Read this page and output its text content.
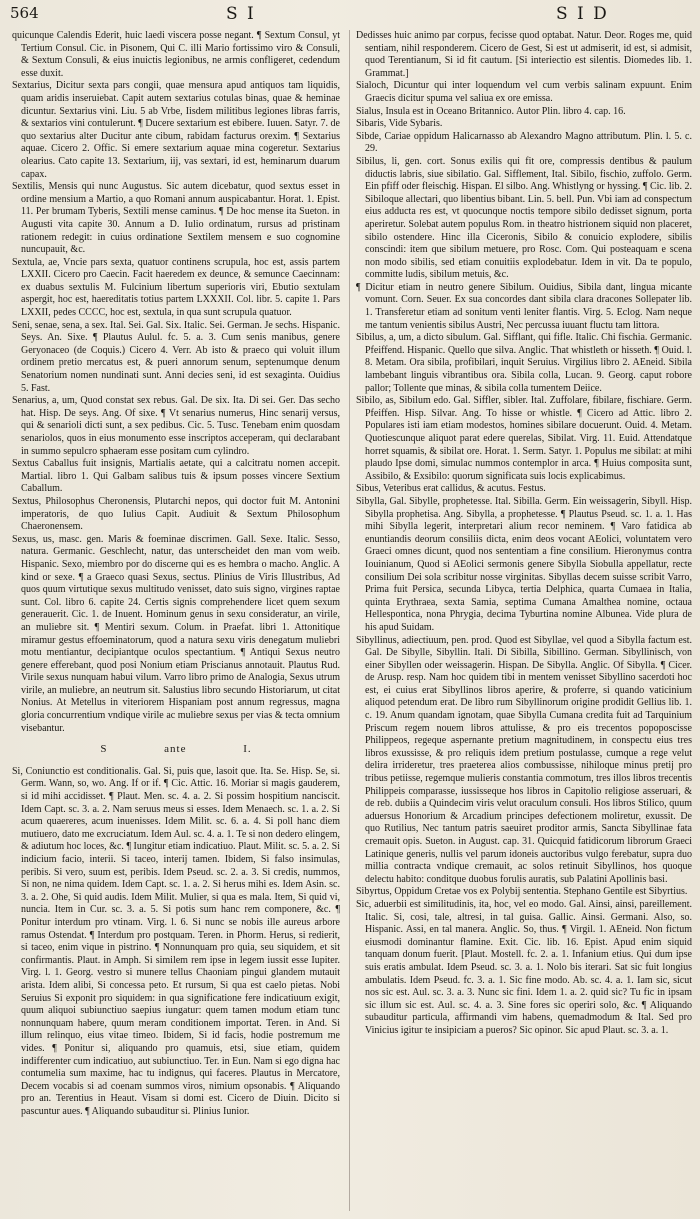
564	S I	S I D

quicunque Calendis Ederit, huic laedi viscera posse negant. ¶ Sextum Consul, yt Tertium Consul. Cic. in Pisonem, Qui C. illi Mario fortissimo viro & Consuli, & Sextum Consuli, & eius inuictis legionibus, ne armis confligeret, cedendum esse duxit.

Sextarius, Dicitur sexta pars congii, quae mensura apud antiquos tam liquidis, quam aridis inseruiebat. Capit autem sextarius cotulas binas, quae & heminae dicuntur. Sextarius vini. Liu. 5 ab Vrbe, Iisdem militibus legiones libras farris, & sextarios vini contulerunt. ¶ Ducere sextarium est ebibere. Iuuen. Satyr. 7. de quo sextarius alter Ducitur ante cibum, rabidam facturus orexim. ¶ Sextarius aquae. Cicero 2. Offic. Si emere sextarium aquae mina cogeretur. Sextarius olearius. Cato capite 13. Sextarium, iij, vas sextari, id est, heminarum duarum capax.

Sextilis, Mensis qui nunc Augustus. Sic autem dicebatur, quod sextus esset in ordine mensium a Martio, a quo Romani annum auspicabantur. Horat. 1. Epist. 11. Per brumam Tyberis, Sextili mense caminus. ¶ De hoc mense ita Sueton. in Augusti vita capite 30. Annum a D. Iulio ordinatum, rursus ad pristinam rationem redegit: in cuius ordinatione Sextilem mensem e suo cognomine nuncupauit, &c.

Sextula, ae, Vncie pars sexta, quatuor continens scrupula, hoc est, assis partem LXXII. Cicero pro Caecin. Facit haeredem ex deunce, & semunce Caecinnam: ex duabus sextulis M. Fulcinium libertum superioris viri, Ebutio sextulam aspergit, hoc est, haereditatis totius partem LXXXII. Col. libr. 5. capite 1. Pars LXXII, pedes CCCC, hoc est, sextula, in qua sunt scrupula quatuor.

Seni, senae, sena, a sex. Ital. Sei. Gal. Six. Italic. Sei. German. Je sechs. Hispanic. Seys. An. Sixe. ¶ Plautus Aulul. fc. 5. a. 3. Cum senis manibus, genere Geryonaceo (de Coquis.) Cicero 4. Verr. Ab isto & praeco qui voluit illum ordinem pretio mercatus est, & pueri annorum senum, septenumque denum Senatorium nomen nundinati sunt. Anni decies seni, id est sexaginta. Ouidius 5. Fast.

Senarius, a, um, Quod constat sex rebus. Gal. De six. Ita. Di sei. Ger. Das secho hat. Hisp. De seys. Ang. Of sixe. ¶ Vt senarius numerus, Hinc senarij versus, qui & senarioli dicti sunt, a sex pedibus. Cic. 5. Tusc. Tenebam enim quosdam senariolos, quos in eius monumento esse inscriptos acceperam, qui declarabant in summo sepulcro sphaeram esse positam cum cylindro.

Sextus Caballus fuit insignis, Martialis aetate, qui a calcitratu nomen accepit. Martial. libro 1. Qui Galbam salibus tuis & ipsum posses vincere Sextium Caballum.

Sextus, Philosophus Cheronensis, Plutarchi nepos, qui doctor fuit M. Antonini imperatoris, de quo Iulius Capit. Audiuit & Sextum Philosophum Chaeronensem.

Sexus, us, masc. gen. Maris & foeminae discrimen. Gall. Sexe. Italic. Sesso, natura. Germanic. Geschlecht, natur, das unterscheidet den man vom weib. Hispanic. Sexo, miembro por do discerne qui es es hembra o macho. Anglic. A kind or sexe. ¶ a Graeco quasi Sexus, sectus. Plinius de Viris Illustribus, Ad quos quum virtutique sexus multitudo venisset, dato suis signo, virgines raptae sunt. Col. libro 6. capite 24. Certis signis comprehendere licet quem sexum generauerit. Cic. 1. de Inuent. Hominum genus in sexu consideratur, an virile, an muliebre sit. ¶ Mentiri sexum. Colum. in Praefat. libri 1. Attonitique miramur gestus effoeminatorum, quod a natura sexu viris denegatum muliebri motu mentiantur, decipiantque oculos spectantium. ¶ Antiqui Sexus neutro genere efferebant, quod posi Nonium etiam Priscianus annotauit. Plautus Rud. Virile sexus nunquam habui vilum. Varro libro primo de Analogia, Sexus utrum virile, an muliebre, an neutrum sit. Salustius libro secundo Historiarum, ut citat Nonius. At Metellus in viteriorem Hispaniam post annum regressus, magna gloria concurrentium vndique virile ac muliebre sexus per vias & tecta omnium visebantur.

S	ante	I.

Si, Coniunctio est conditionalis. Gal. Si, puis que, lasoit que. Ita. Se. Hisp. Se, si. Germ. Wann, so, wo. Ang. If or if. ¶ Cic. Attic. 16. Moriar si magis gauderem, si id mihi accidisset. ¶ Plaut. Men. sc. 4. a. 2. Si possim hospitium nanciscit. Idem Capt. sc. 3. a. 2. Nam seruus meus si esses. Idem Menaech. sc. 1. a. 2. Si acum quaereres, acum inuenisses. Idem Milit. sc. 6. a. 4. Si poll hanc diem mutiuero, dato me excruciatum. Idem Aul. sc. 4. a. 1. Te si non dedero elingem, & adiutum hoc loces, &c. ¶ Iungitur etiam indicatiuo. Plaut. Milit. sc. 5. a. 2. Si indicium facio, interii. Si taceo, interij tamen. Ibidem, Si falso insimulas, peribis. Si vero, suum est, peribis. Idem Pseud. sc. 2. a. 3. Si credis, nummos, Si non, ne nima quidem. Idem Capt. sc. 1. a. 2. Si herus mihi es. Idem Asin. sc. 3. a. 2. Ohe, Si quid audis. Idem Milit. Mulier, si qua es mala. Item, Si quid vi, nuncia. Item in Cur. sc. 3. a. 5. Si potis sum hanc rem componere, &c. ¶ Ponitur interdum pro vtinam. Virg. l. 6. Si nunc se nobis ille aureus arbore ramus Ostendat. ¶ Interdum pro postquam. Teren. in Phorm. Herus, si redierit, si taceo, enim vique in pistrino. ¶ Nonnunquam pro quia, seu siquidem, et sit confirmantis. Plaut. in Amph. Si similem rem ipse in legem iussit esse Iupiter. Virg. l. 1. Georg. vestro si munere tellus Chaoniam pingui glandem mutauit arista. Idem alibi, Si concessa peto. Et rursum, Si qua est caelo pietas. Nobi Seruius Si exponit pro siquidem: in qua significatione fere indicatiuum exigit, quum aliquoi subiunctiuo saepius iungatur: quem tamen modum etiam tunc nonnunquam habere, quum meram conditionem importat. Teren. in And. Si illum relinquo, eius vitae timeo. Ibidem, Si id facis, hodie postremum me vides. ¶ Ponitur si, aliquando pro quamuis, etsi, siue etiam, quidem indifferenter cum indicatiuo, aut subiunctiuo. Ter. in Eun. Nam si ego digna hac contumelia sum maxime, hac tu indignus, qui faceres. Plautus in Mercatore, Decem vocabis si ad coenam summos viros, nimium opsonabis. ¶ Aliquando pro an. Terentius in Heaut. Visam si domi est. Cicero de Diuin. Dicito si pascuntur aues. ¶ Aliquando subauditur si. Plinius Iunior.

Dedisses huic animo par corpus, fecisse quod optabat. Natur. Deor. Roges me, quid sentiam, nihil responderem. Cicero de Gest, Si est ut admiserit, id est, si admisit, quod Terentianum, Si id fit cautum. [Si interiectio est silentis. Diomedes lib. 1. Grammat.]

Sialoch, Dicuntur qui inter loquendum vel cum verbis salinam expuunt. Enim Graecis dicitur spuma vel saliua ex ore emissa.

Sialus, Insula est in Oceano Britannico. Autor Plin. libro 4. cap. 16.

Sibaris, Vide Sybaris.

Sibde, Cariae oppidum Halicarnasso ab Alexandro Magno attributum. Plin. l. 5. c. 29.

Sibilus, li, gen. cort. Sonus exilis qui fit ore, compressis dentibus & paulum diductis labris, siue sibilatio. Gal. Sifflement, Ital. Sibilo, fischio, zuffolo. Germ. Ein pfiff oder fleischig. Hispan. El silbo. Ang. Whistlyng or hyssing. ¶ Cic. lib. 2. Sibiloque allectari, quo libentius bibant. Lin. 5. bell. Pun. Vbi iam ad conspectum eius adducta res est, vt quocunque noctis tempore sibilo dedisset signum, porta aperiretur. Solebat autem populus Rom. in theatro histrionem siquid non placeret, sibilo ostendere. Hinc illa Ciceronis, Sibilo & conuicio explodere, sibilis conscindi: item que sibilum metuere, pro Rosc. Com. Qui posteaquam e scena non modo sibilis, sed etiam conuitiis explodebatur. Idem in vit. Da te populo, committe ludis, sibilum metuis, &c.

¶ Dicitur etiam in neutro genere Sibilum. Ouidius, Sibila dant, lingua micante vomunt. Corn. Seuer. Ex sua concordes dant sibila clara dracones Sollepater lib. 1. Transferetur etiam ad sonitum venti leniter flantis. Virg. 5. Eclog. Nam neque me tantum venientis sibilus Austri, Nec percussa iuuant fluctu tam littora.

Sibilus, a, um, a dicto sibulum. Gal. Sifflant, qui fifle. Italic. Chi fischia. Germanic. Pfeiffend. Hispanic. Quello que silva. Anglic. That whistleth or hisseth. ¶ Ouid. l. 8. Metam. Ora sibila, profibilari, inquit Seruius. Virgilius libro 2. AEneid. Sibila lambebant linguis vibrantibus ora. Sibila colla, Lucan. 9. Georg. caput robore pallor; Tollente que minas, & sibila colla tumentem Deiice.

Sibilo, as, Sibilum edo. Gal. Siffler, sibler. Ital. Zuffolare, fibilare, fischiare. Germ. Pfeiffen. Hisp. Silvar. Ang. To hisse or whistle. ¶ Cicero ad Attic. libro 2. Populares isti iam etiam modestos, homines sibilare docuerunt. Ouid. 4. Metam. Quotiescunque aliquot parat edere querelas, Sibilat. Virg. 11. Euid. Attendatque horret squamis, & sibilat ore. Horat. 1. Serm. Satyr. 1. Populus me sibilat: at mihi plaudo Ipse domi, simulac nummos contemplor in arca. ¶ Huius composita sunt, Assibilo, & Exsibilo: quorum significata suis locis explicabimus.

Sibus, Veteribus erat callidus, & acutus. Festus.

Sibylla, Gal. Sibylle, prophetesse. Ital. Sibilla. Germ. Ein weissagerin, Sibyll. Hisp. Sibylla prophetisa. Ang. Sibylla, a prophetesse. ¶ Plautus Pseud. sc. 1. a. 1. Has mihi Sibylla legerit, interpretari alium recor neminem. ¶ Varo fatidica ab enuntiandis deorum consiliis dicta, enim deos vocant AEolici, voluntatem vero Graeci omnes dicunt, quod nos sententiam a fine consilium. Hieronymus contra Iouinianum, Quod si AEolici sermonis genere Sibylla Siobulla appellatur, recte consilium Dei sola scribitur nosse virginitas. Sibyllas decem suisse scribit Varro, Prima fuit Persica, secunda Libyca, tertia Delphica, quarta Cumaea in Italia, quinta Erythraea, sexta Samia, septima Cumana Amalthea nomine, octaua Hellespontica, nona Phrygia, decima Tyburtina nomine Albunea. Vide plura de his apud Suidam.

Sibyllinus, adiectiuum, pen. prod. Quod est Sibyllae, vel quod a Sibylla factum est. Gal. De Sibylle, Sibyllin. Itali. Di Sibilla, Sibillino. German. Sibyllinisch, von einer Sibyllen oder weissagerin. Hispan. De Sibylla. Anglic. Of Sibylla. ¶ Cicer. de Arusp. resp. Nam hoc quidem tibi in mentem venisset Sibyllino sacerdoti hoc est, ei cuius erat Sibyllinos libros aperire, & proferre, si quando vaticinium aliquod petendum erat. De libro rum Sibyllinorum origine prodidit Gellius lib. 1. c. 19. Anum quandam ignotam, quae Sibylla Cumana credita fuit ad Tarquinium Priscum regem nouem libros attulisse, & pro eis trecentos popoposcisse Philippeos, regeque aspernante pretium magnitudinem, in conspectu eius tres libros exussisse, & pro reliquis idem pretium postulasse, cumque a rege velut delira irrideretur, tres praeterea alios combussisse, nihiloque minus pretij pro tribus petiisse, regemque mulieris constantia commotum, tres illos libros trecentis Philippeis comparasse, iussisseque hos libros in Capitolio religiose asseruari, & de reb. dubiis a Quindecim viris velut oraculum consuli. Hos libros Stilico, quum aduersus Honorium & Arcadium principes defectionem moliretur, exussit. De quo Rutilius, Nec tantum patris saeuiret proditor armis, Sancta Sibyllinae fata cremauit opis. Sueton. in August. cap. 31. Quicquid fatidicorum librorum Graeci Latinique generis, nullis vel parum idoneis auctoribus vulgo ferebatur, supra duo millia contracta vndique cremauit, ac solos retinuit Sibyllinos, hos quoque delectu habito: conditque duobus forulis auratis, sub Palatini Apollinis basi.

Sibyrtus, Oppidum Cretae vos ex Polybij sententia. Stephano Gentile est Sibyrtius.

Sic, aduerbii est similitudinis, ita, hoc, vel eo modo. Gal. Ainsi, ainsi, pareillement. Italic. Si, cosi, tale, altresi, in tal guisa. Gallic. Ainsi. Germani. Also, so. Hispanic. Assi, en tal manera. Anglic. So, thus. ¶ Virgil. 1. AEneid. Non fictum eiusmodi dominantur flamine. Exit. Cic. lib. 16. Epist. Apud enim siquid tanquam donum fuerit. [Plaut. Mostell. fc. 2. a. 1. Infanium etius. Qui dum ipse suis eratis ambulat. Idem Pseud. sc. 3. a. 1. Nolo bis iterari. Sat sic fuit longius ambulatis. Idem Pseud. fc. 3. a. 1. Sic fine modo. Ab. sc. 4. a. 1. Iam sic, sicut nos sic est. Aul. sc. 3. a. 3. Nunc sic fini. Idem 1. a. 2. quid sic? Tu fic in ipsam sic illum sic est. Aul. sc. 4. a. 3. Sine fores sic operiri solo, &c. ¶ Aliquando subauditur particula, affirmandi vim habens, quemadmodum & Ital. Sed pro Vinicius igitur te insipiciam a pueros? Sic opinor. Sic apud Plaut. sc. 3. a. 1.
